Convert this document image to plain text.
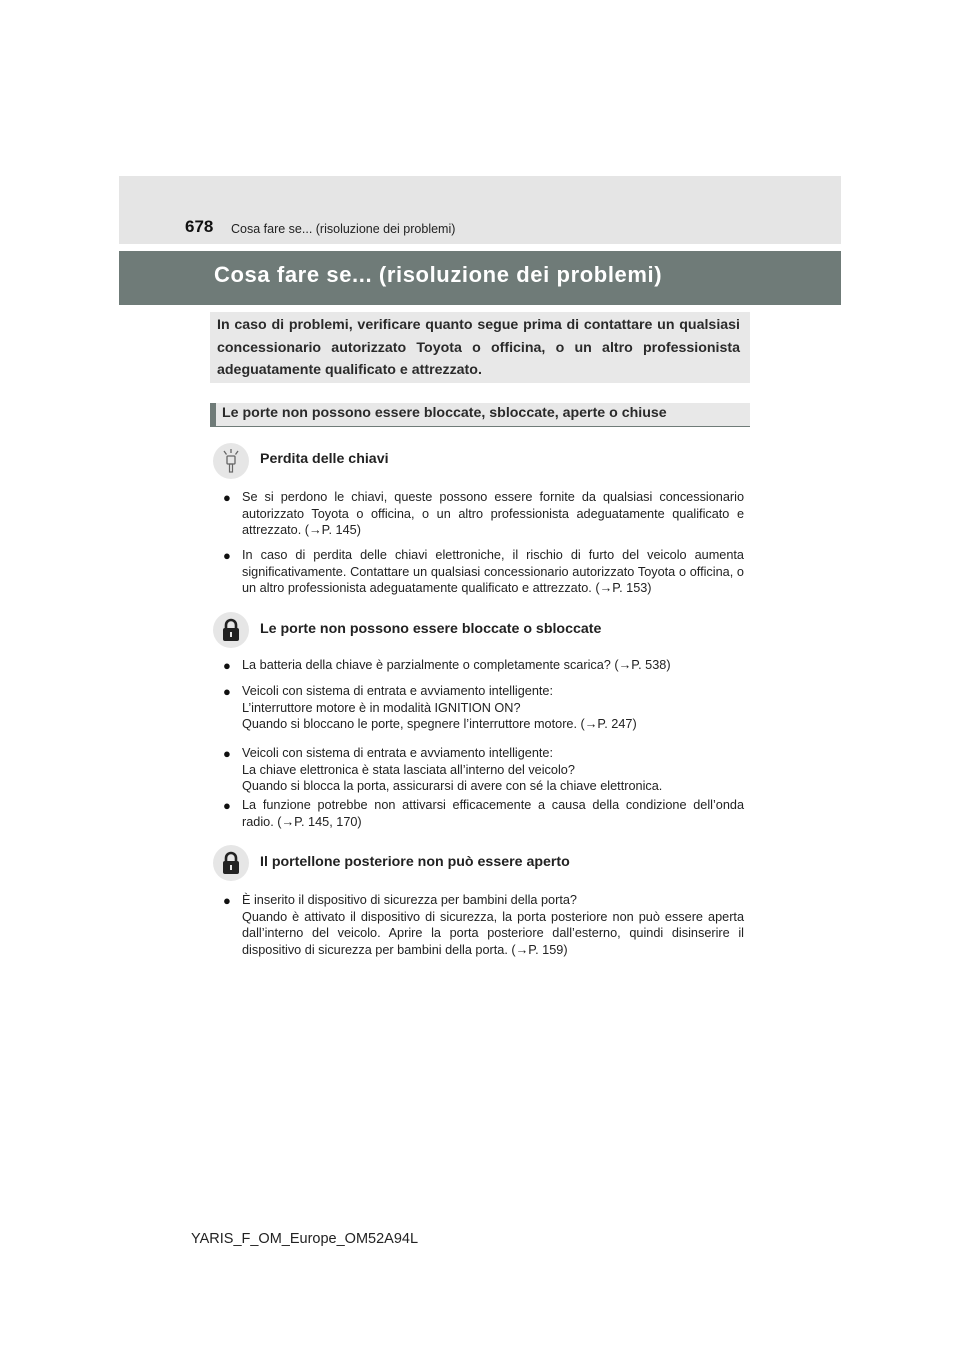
678 Cosa fare se... (risoluzione dei problemi)
Cosa fare se... (risoluzione dei problemi)
In caso di problemi, verificare quanto segue prima di contattare un qualsiasi concessionario autorizzato Toyota o officina, o un altro professionista adeguatamente qualificato e attrezzato.
Le porte non possono essere bloccate, sbloccate, aperte o chiuse
Perdita delle chiavi
● Se si perdono le chiavi, queste possono essere fornite da qualsiasi concessionario autorizzato Toyota o officina, o un altro professionista adeguatamente qualificato e attrezzato. (→P. 145)
● In caso di perdita delle chiavi elettroniche, il rischio di furto del veicolo aumenta significativamente. Contattare un qualsiasi concessionario autorizzato Toyota o officina, o un altro professionista adeguatamente qualificato e attrezzato. (→P. 153)
Le porte non possono essere bloccate o sbloccate
● La batteria della chiave è parzialmente o completamente scarica? (→P. 538)
● Veicoli con sistema di entrata e avviamento intelligente:
L’interruttore motore è in modalità IGNITION ON?
Quando si bloccano le porte, spegnere l’interruttore motore. (→P. 247)
● Veicoli con sistema di entrata e avviamento intelligente:
La chiave elettronica è stata lasciata all’interno del veicolo?
Quando si blocca la porta, assicurarsi di avere con sé la chiave elettronica.
● La funzione potrebbe non attivarsi efficacemente a causa della condizione dell’onda radio. (→P. 145, 170)
Il portellone posteriore non può essere aperto
● È inserito il dispositivo di sicurezza per bambini della porta?
Quando è attivato il dispositivo di sicurezza, la porta posteriore non può essere aperta dall’interno del veicolo. Aprire la porta posteriore dall’esterno, quindi disinserire il dispositivo di sicurezza per bambini della porta. (→P. 159)
YARIS_F_OM_Europe_OM52A94L
